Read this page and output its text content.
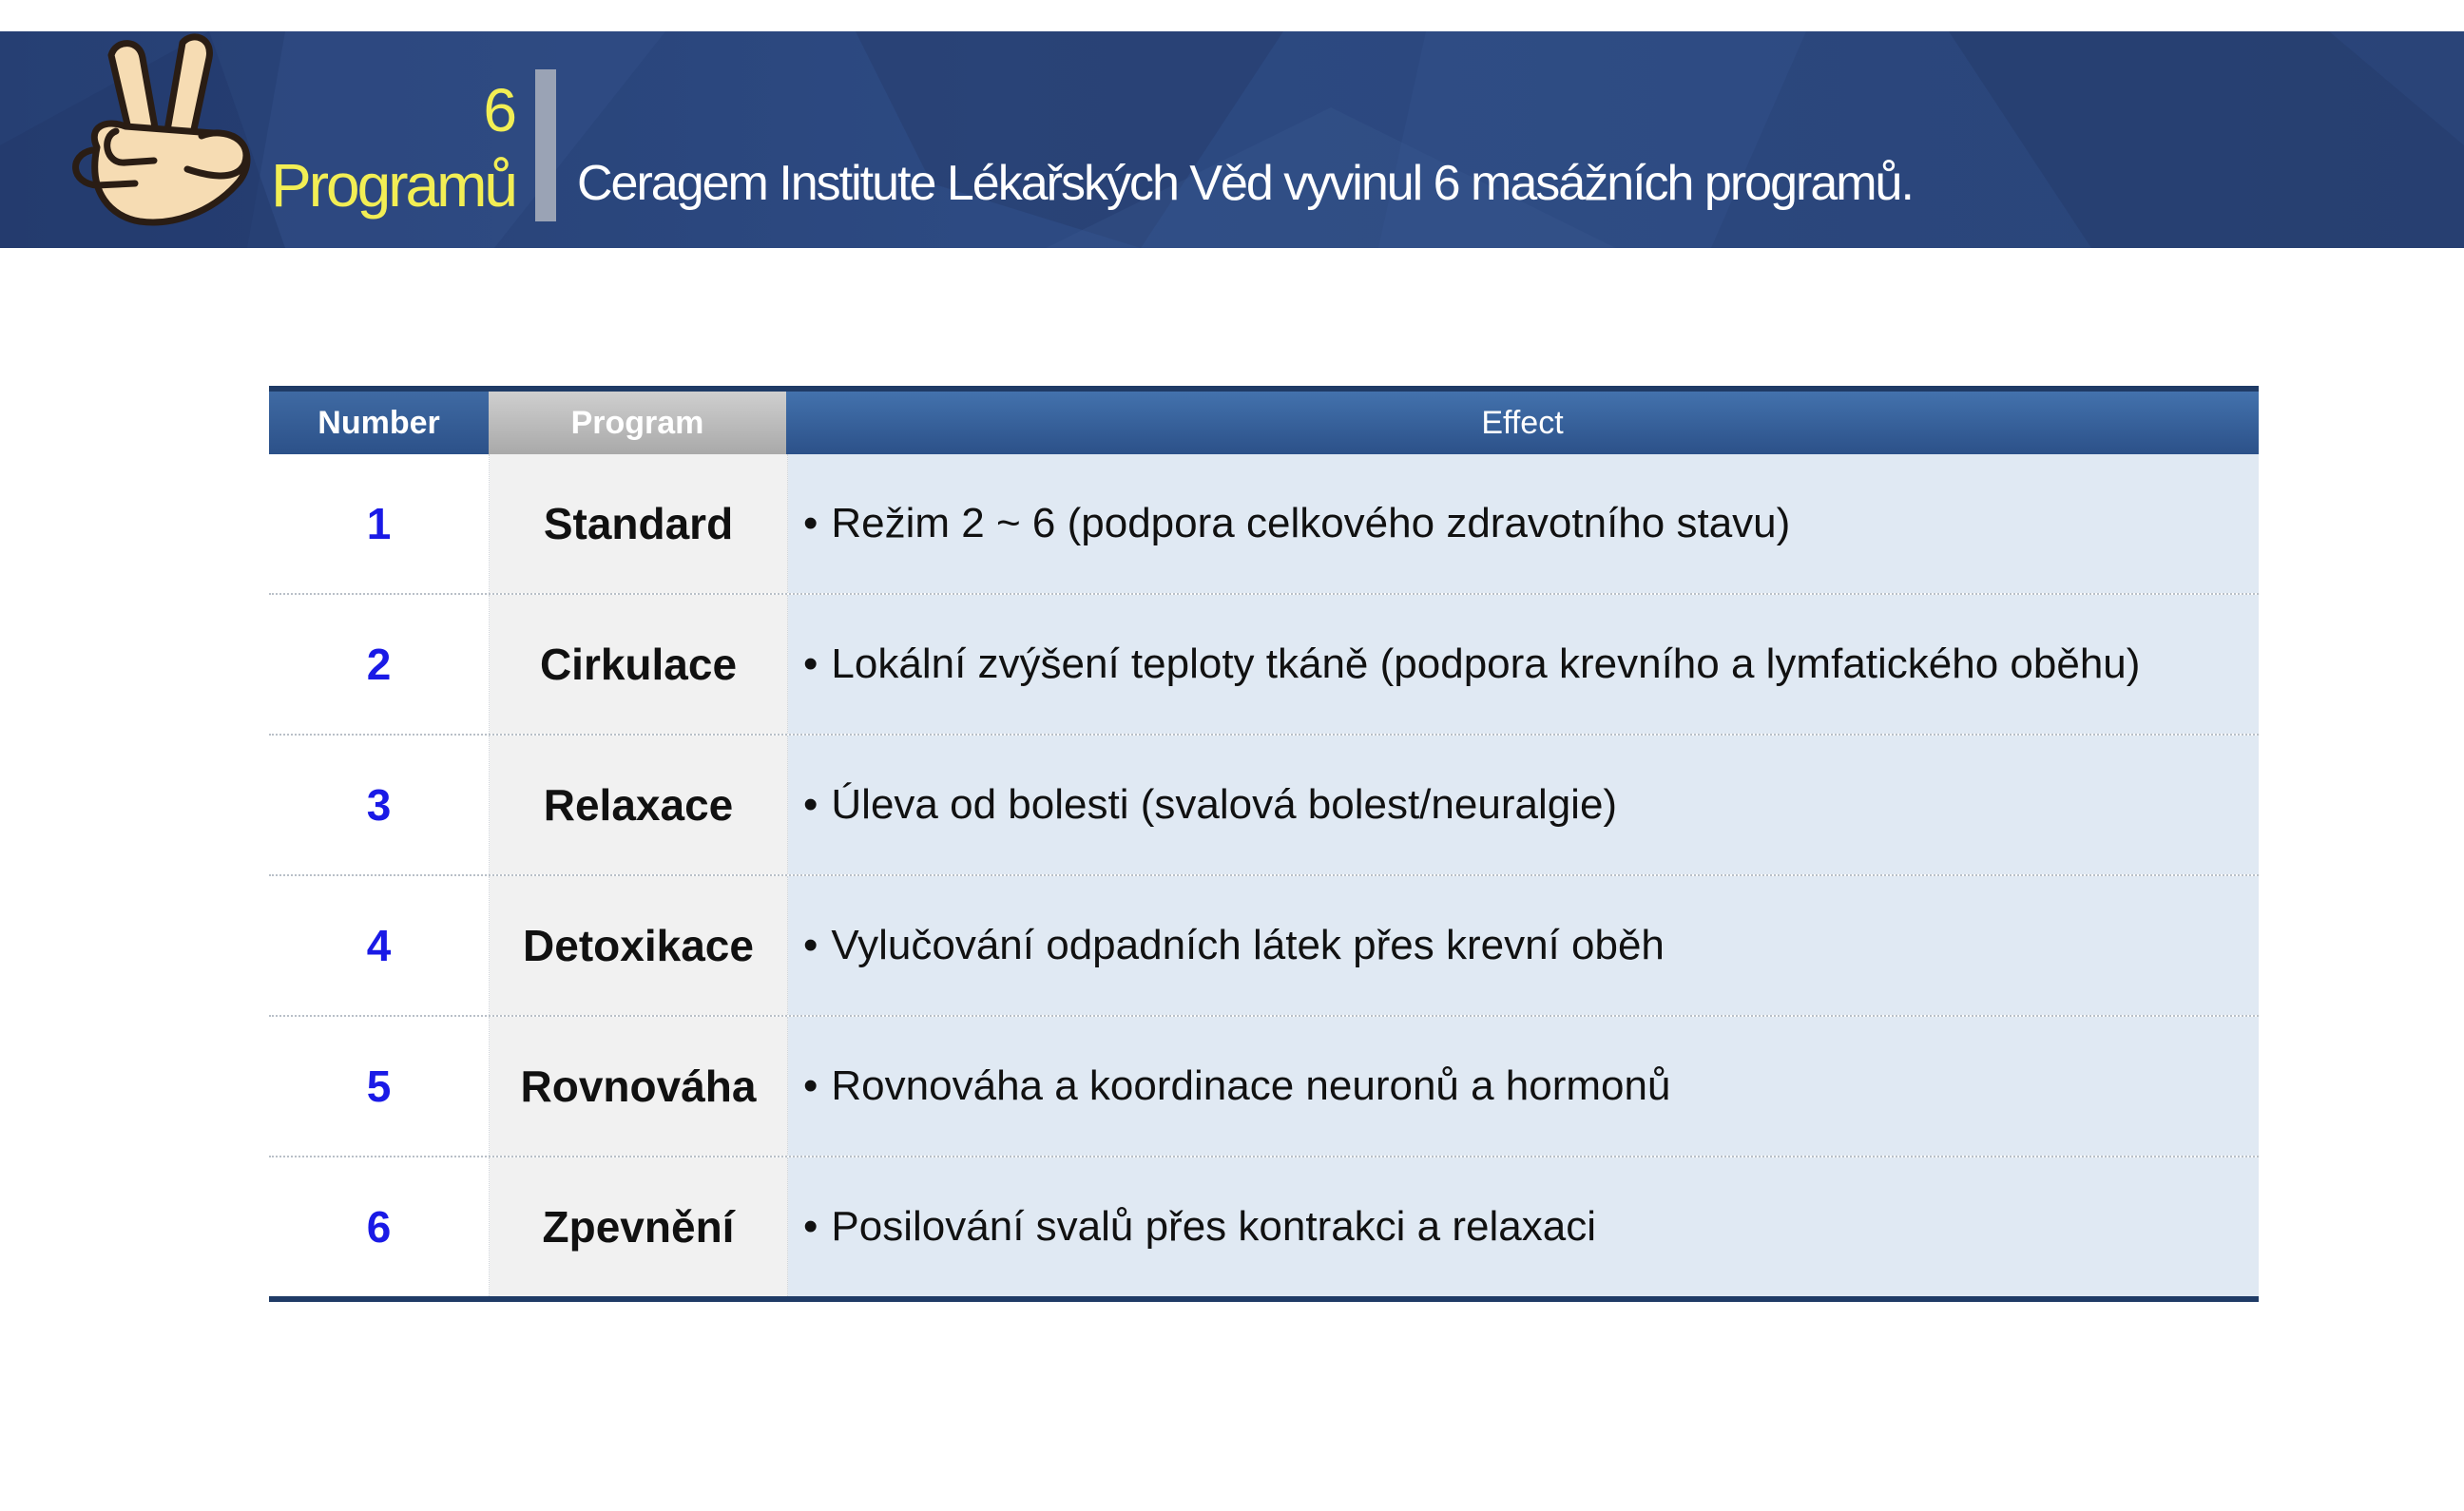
6
Programů Ceragem Institute Lékařských Věd vyvinul 6 masážních programů.
Number	Program	Effect
1	Standard	• Režim 2 ~ 6 (podpora celkového zdravotního stavu)
2	Cirkulace	• Lokální zvýšení teploty tkáně (podpora krevního a lymfatického oběhu)
3	Relaxace	• Úleva od bolesti (svalová bolest/neuralgie)
4	Detoxikace	• Vylučování odpadních látek přes krevní oběh
5	Rovnováha	• Rovnováha a koordinace neuronů a hormonů
6	Zpevnění	• Posilování svalů přes kontrakci a relaxaci
